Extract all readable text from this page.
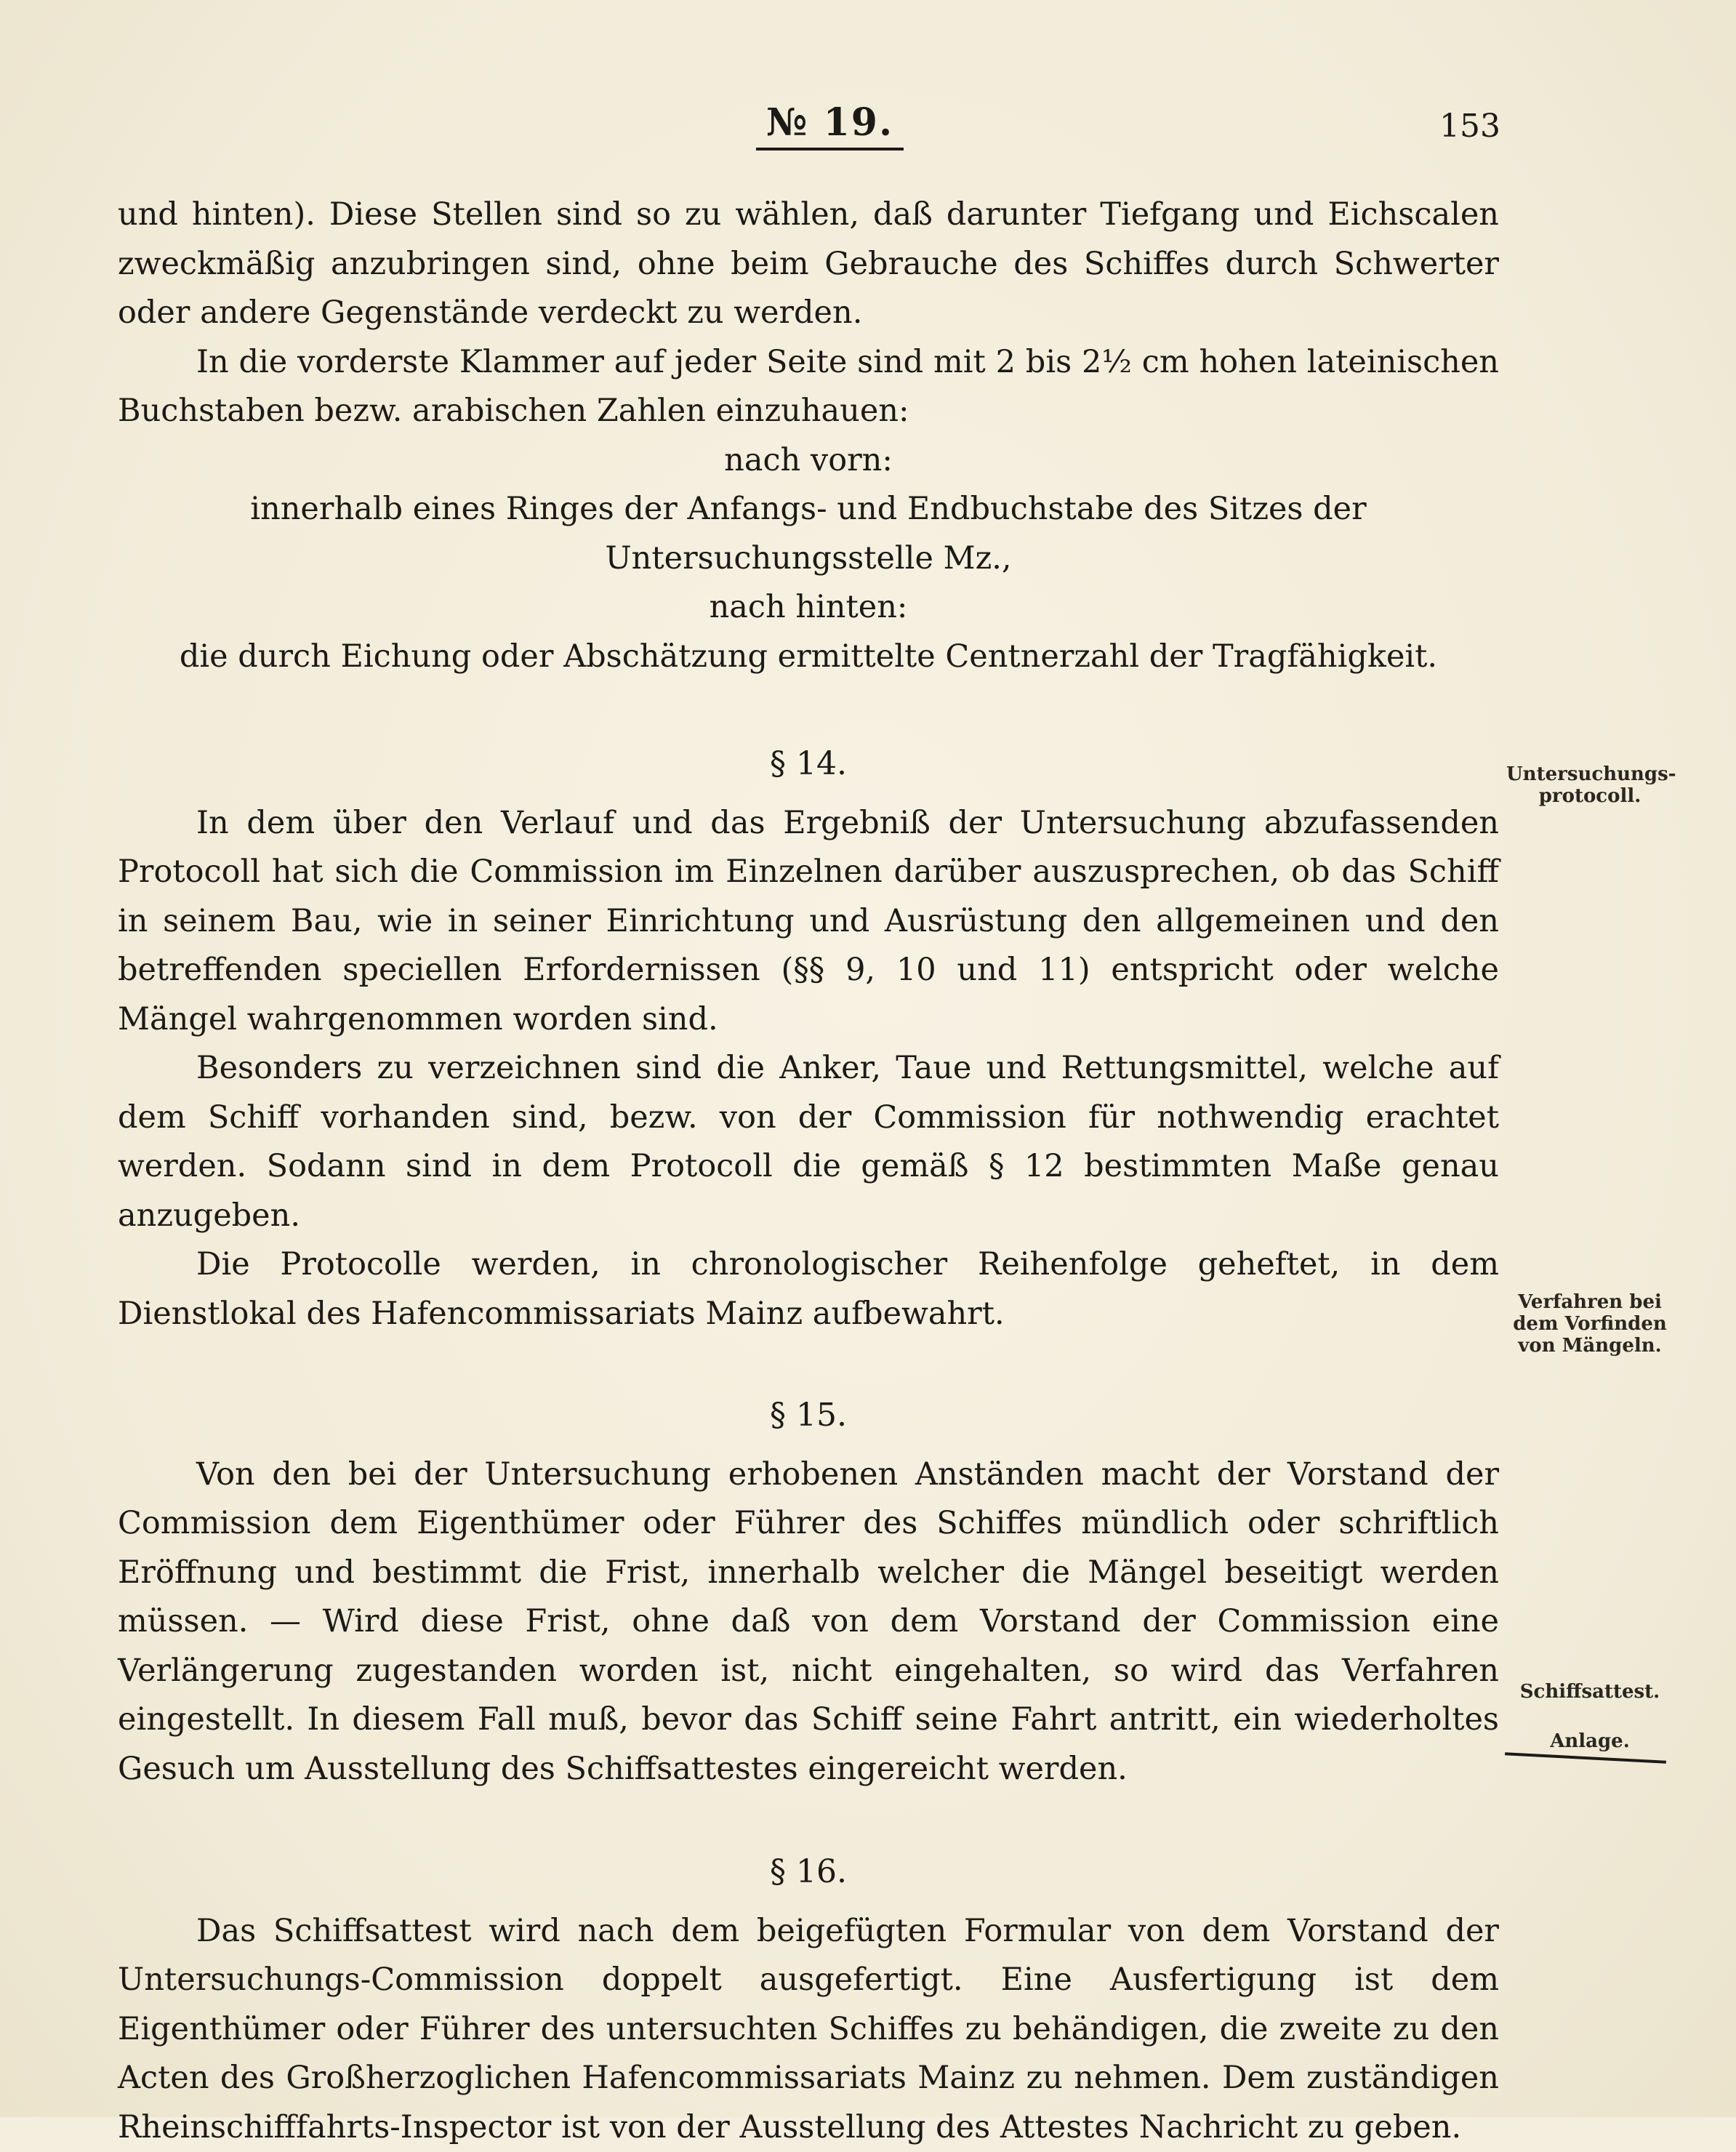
№ 19.	153

und hinten). Diese Stellen sind so zu wählen, daß darunter Tiefgang und Eichscalen zweckmäßig anzubringen sind, ohne beim Gebrauche des Schiffes durch Schwerter oder andere Gegenstände verdeckt zu werden.

In die vorderste Klammer auf jeder Seite sind mit 2 bis 2½ cm hohen lateinischen Buchstaben bezw. arabischen Zahlen einzuhauen:

nach vorn:

innerhalb eines Ringes der Anfangs- und Endbuchstabe des Sitzes der Untersuchungsstelle Mz.,

nach hinten:

die durch Eichung oder Abschätzung ermittelte Centnerzahl der Tragfähigkeit.

§ 14.

In dem über den Verlauf und das Ergebniß der Untersuchung abzufassenden Protocoll hat sich die Commission im Einzelnen darüber auszusprechen, ob das Schiff in seinem Bau, wie in seiner Einrichtung und Ausrüstung den allgemeinen und den betreffenden speciellen Erfordernissen (§§ 9, 10 und 11) entspricht oder welche Mängel wahrgenommen worden sind.

Besonders zu verzeichnen sind die Anker, Taue und Rettungsmittel, welche auf dem Schiff vorhanden sind, bezw. von der Commission für nothwendig erachtet werden. Sodann sind in dem Protocoll die gemäß § 12 bestimmten Maße genau anzugeben.

Die Protocolle werden, in chronologischer Reihenfolge geheftet, in dem Dienstlokal des Hafencommissariats Mainz aufbewahrt.

§ 15.

Von den bei der Untersuchung erhobenen Anständen macht der Vorstand der Commission dem Eigenthümer oder Führer des Schiffes mündlich oder schriftlich Eröffnung und bestimmt die Frist, innerhalb welcher die Mängel beseitigt werden müssen. — Wird diese Frist, ohne daß von dem Vorstand der Commission eine Verlängerung zugestanden worden ist, nicht eingehalten, so wird das Verfahren eingestellt. In diesem Fall muß, bevor das Schiff seine Fahrt antritt, ein wiederholtes Gesuch um Ausstellung des Schiffsattestes eingereicht werden.

§ 16.

Das Schiffsattest wird nach dem beigefügten Formular von dem Vorstand der Untersuchungs-Commission doppelt ausgefertigt. Eine Ausfertigung ist dem Eigenthümer oder Führer des untersuchten Schiffes zu behändigen, die zweite zu den Acten des Großherzoglichen Hafencommissariats Mainz zu nehmen. Dem zuständigen Rheinschifffahrts-Inspector ist von der Ausstellung des Attestes Nachricht zu geben.

Untersuchungs-protocoll.
Verfahren bei dem Vorfinden von Mängeln.
Schiffsattest.
Anlage.
